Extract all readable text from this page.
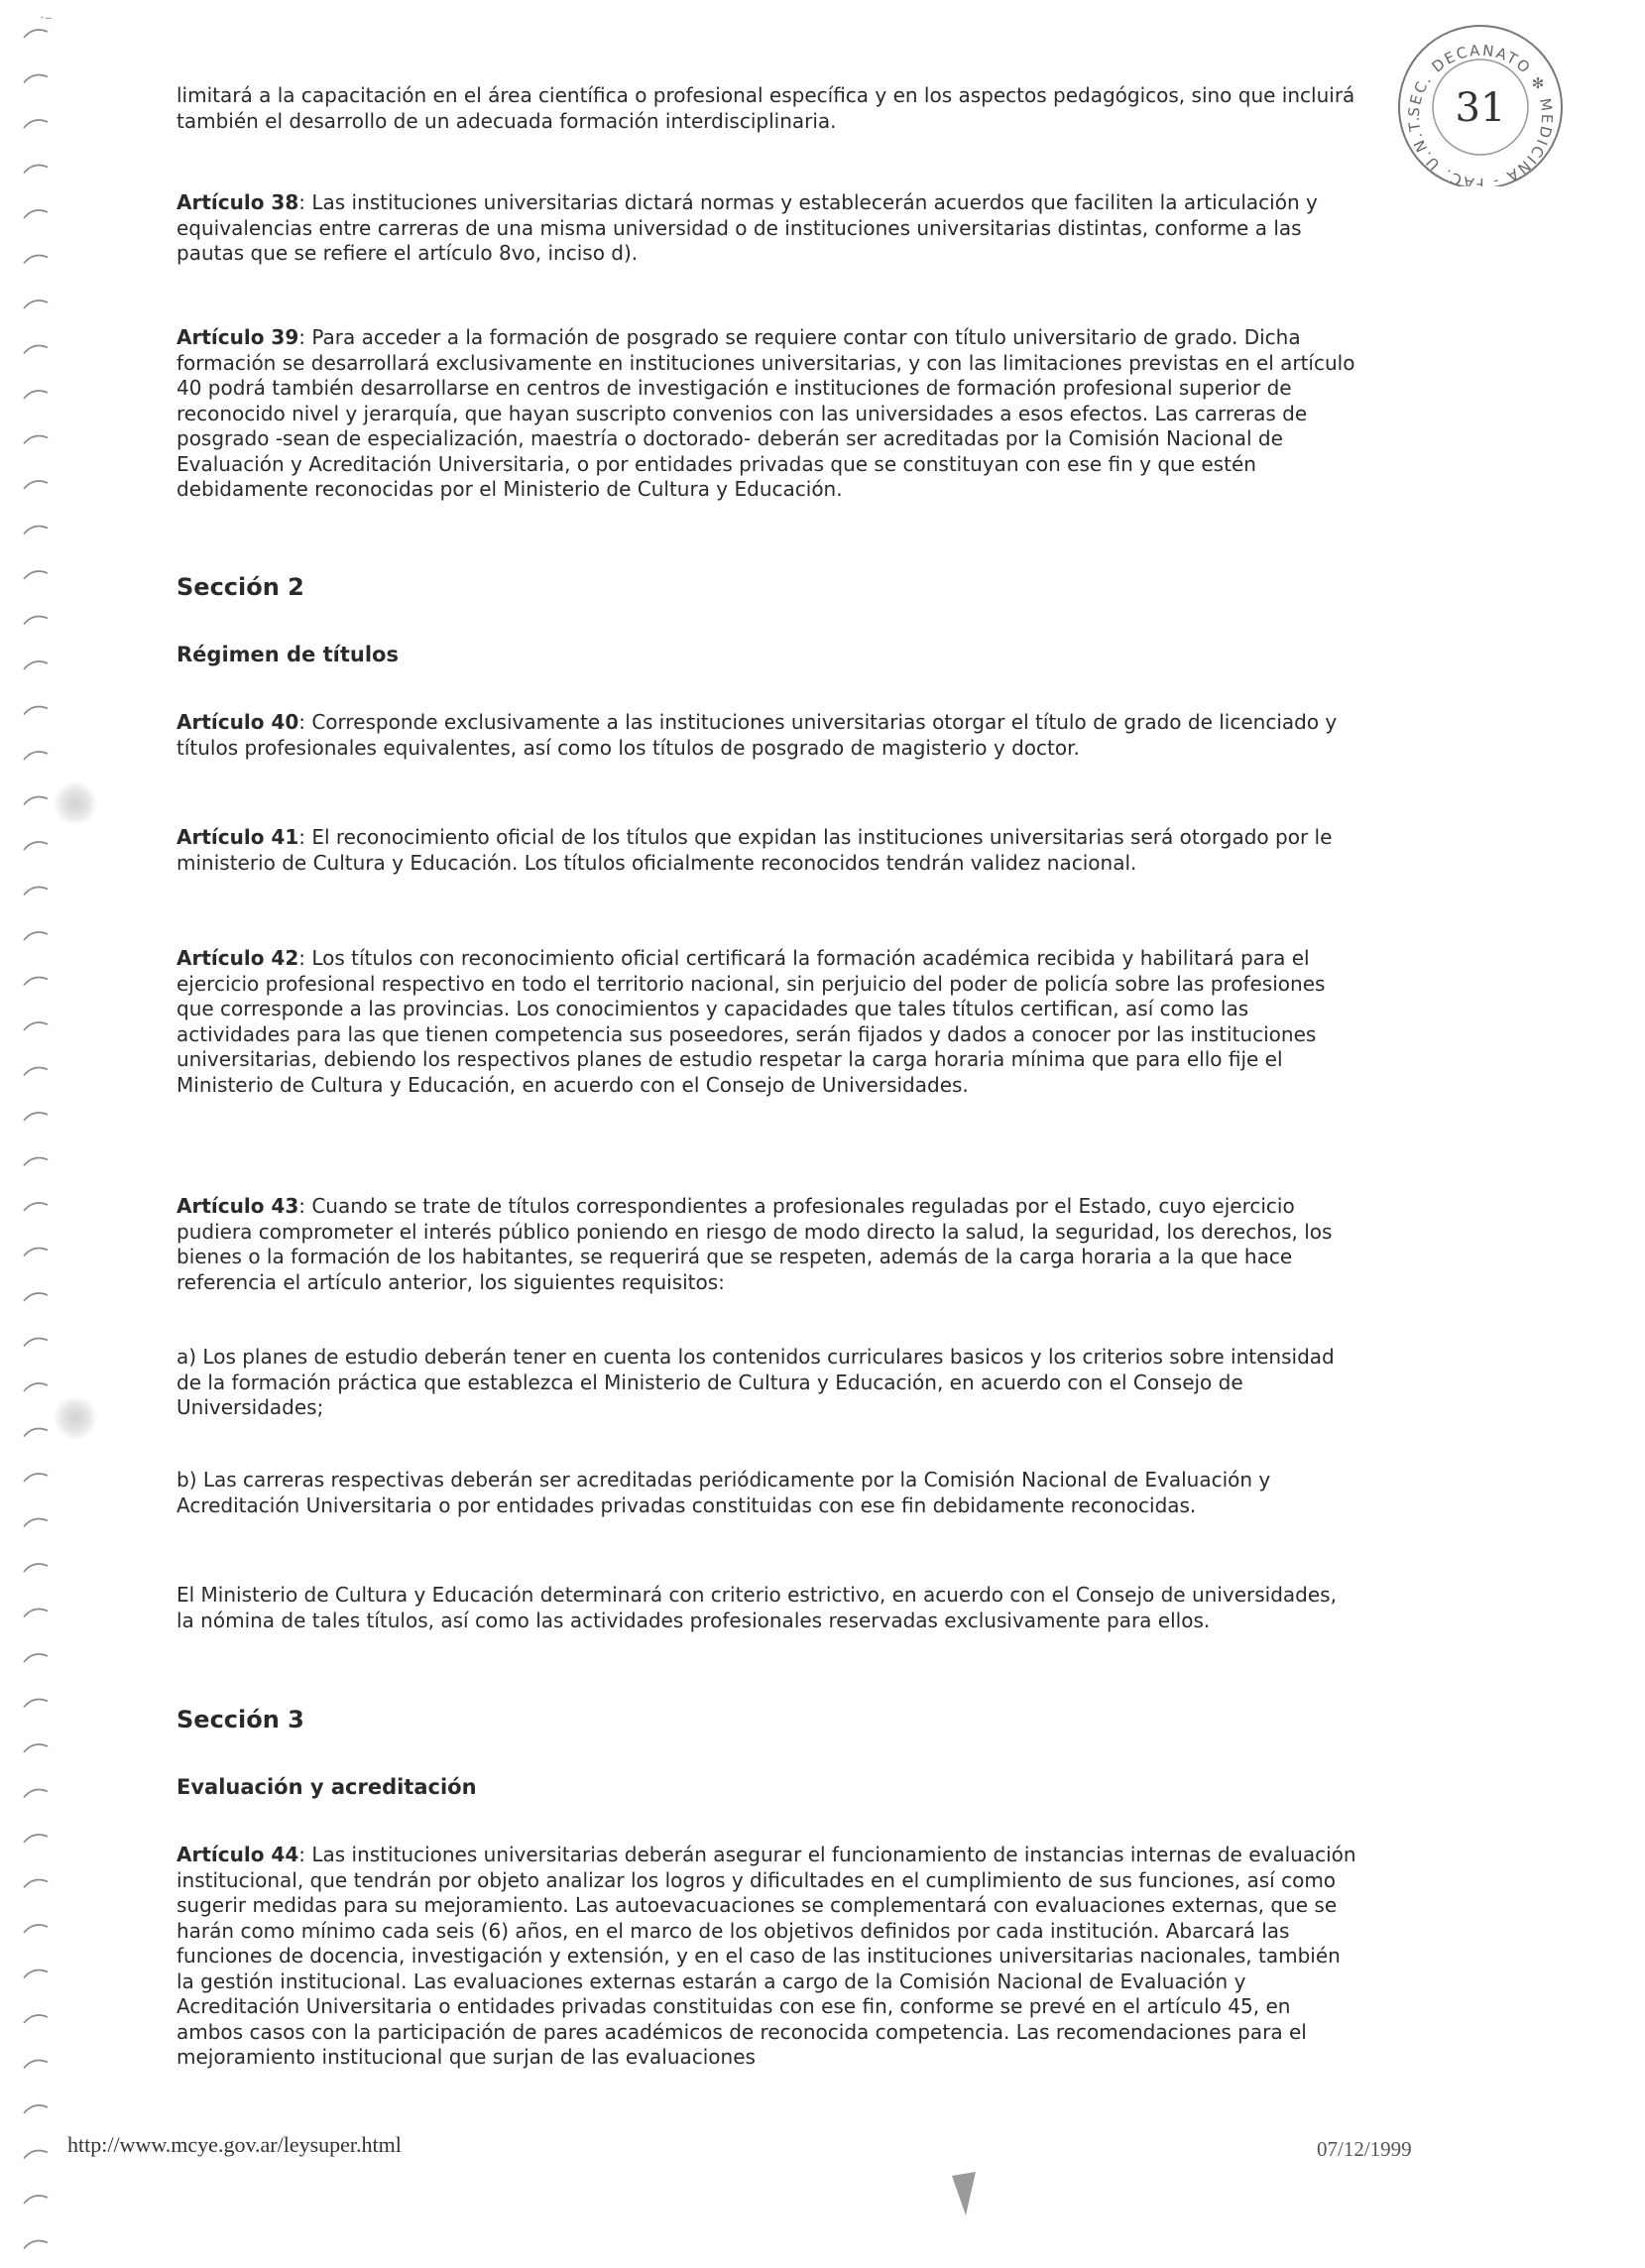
·–
SEC. DECANATO ✻ MEDICINA - FAC. U.N.T. 31

limitará a la capacitación en el área científica o profesional específica y en los aspectos pedagógicos, sino que incluirá también el desarrollo de un adecuada formación interdisciplinaria.

Artículo 38: Las instituciones universitarias dictará normas y establecerán acuerdos que faciliten la articulación y equivalencias entre carreras de una misma universidad o de instituciones universitarias distintas, conforme a las pautas que se refiere el artículo 8vo, inciso d).

Artículo 39: Para acceder a la formación de posgrado se requiere contar con título universitario de grado. Dicha formación se desarrollará exclusivamente en instituciones universitarias, y con las limitaciones previstas en el artículo 40 podrá también desarrollarse en centros de investigación e instituciones de formación profesional superior de reconocido nivel y jerarquía, que hayan suscripto convenios con las universidades a esos efectos. Las carreras de posgrado -sean de especialización, maestría o doctorado- deberán ser acreditadas por la Comisión Nacional de Evaluación y Acreditación Universitaria, o por entidades privadas que se constituyan con ese fin y que estén debidamente reconocidas por el Ministerio de Cultura y Educación.

Sección 2

Régimen de títulos

Artículo 40: Corresponde exclusivamente a las instituciones universitarias otorgar el título de grado de licenciado y títulos profesionales equivalentes, así como los títulos de posgrado de magisterio y doctor.

Artículo 41: El reconocimiento oficial de los títulos que expidan las instituciones universitarias será otorgado por le ministerio de Cultura y Educación. Los títulos oficialmente reconocidos tendrán validez nacional.

Artículo 42: Los títulos con reconocimiento oficial certificará la formación académica recibida y habilitará para el ejercicio profesional respectivo en todo el territorio nacional, sin perjuicio del poder de policía sobre las profesiones que corresponde a las provincias. Los conocimientos y capacidades que tales títulos certifican, así como las actividades para las que tienen competencia sus poseedores, serán fijados y dados a conocer por las instituciones universitarias, debiendo los respectivos planes de estudio respetar la carga horaria mínima que para ello fije el Ministerio de Cultura y Educación, en acuerdo con el Consejo de Universidades.

Artículo 43: Cuando se trate de títulos correspondientes a profesionales reguladas por el Estado, cuyo ejercicio pudiera comprometer el interés público poniendo en riesgo de modo directo la salud, la seguridad, los derechos, los bienes o la formación de los habitantes, se requerirá que se respeten, además de la carga horaria a la que hace referencia el artículo anterior, los siguientes requisitos:

a) Los planes de estudio deberán tener en cuenta los contenidos curriculares basicos y los criterios sobre intensidad de la formación práctica que establezca el Ministerio de Cultura y Educación, en acuerdo con el Consejo de Universidades;

b) Las carreras respectivas deberán ser acreditadas periódicamente por la Comisión Nacional de Evaluación y Acreditación Universitaria o por entidades privadas constituidas con ese fin debidamente reconocidas.

El Ministerio de Cultura y Educación determinará con criterio estrictivo, en acuerdo con el Consejo de universidades, la nómina de tales títulos, así como las actividades profesionales reservadas exclusivamente para ellos.

Sección 3

Evaluación y acreditación

Artículo 44: Las instituciones universitarias deberán asegurar el funcionamiento de instancias internas de evaluación institucional, que tendrán por objeto analizar los logros y dificultades en el cumplimiento de sus funciones, así como sugerir medidas para su mejoramiento. Las autoevacuaciones se complementará con evaluaciones externas, que se harán como mínimo cada seis (6) años, en el marco de los objetivos definidos por cada institución. Abarcará las funciones de docencia, investigación y extensión, y en el caso de las instituciones universitarias nacionales, también la gestión institucional. Las evaluaciones externas estarán a cargo de la Comisión Nacional de Evaluación y Acreditación Universitaria o entidades privadas constituidas con ese fin, conforme se prevé en el artículo 45, en ambos casos con la participación de pares académicos de reconocida competencia. Las recomendaciones para el mejoramiento institucional que surjan de las evaluaciones

http://www.mcye.gov.ar/leysuper.html	07/12/1999
